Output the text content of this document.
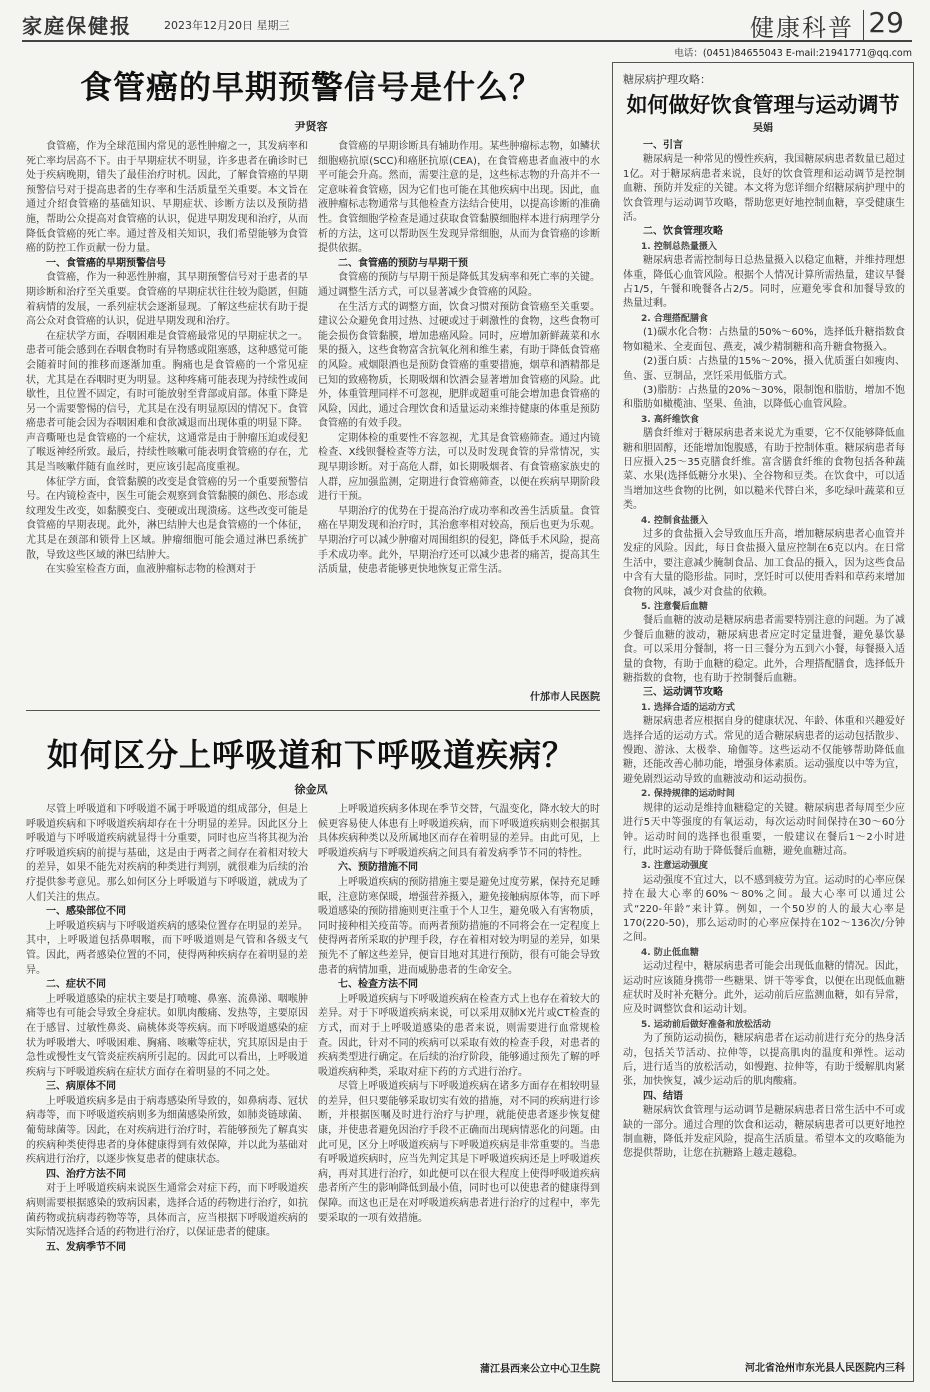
家庭保健报	2023年12月20日 星期三	健康科普 29
电话：(0451)84655043 E-mail:21941771@qq.com
食管癌的早期预警信号是什么？
尹贤容

食管癌，作为全球范围内常见的恶性肿瘤之一，其发病率和死亡率均居高不下。由于早期症状不明显，许多患者在确诊时已处于疾病晚期，错失了最佳治疗时机。因此，了解食管癌的早期预警信号对于提高患者的生存率和生活质量至关重要。本文旨在通过介绍食管癌的基础知识、早期症状、诊断方法以及预防措施，帮助公众提高对食管癌的认识，促进早期发现和治疗，从而降低食管癌的死亡率。通过普及相关知识，我们希望能够为食管癌的防控工作贡献一份力量。

一、食管癌的早期预警信号

食管癌，作为一种恶性肿瘤，其早期预警信号对于患者的早期诊断和治疗至关重要。食管癌的早期症状往往较为隐匿，但随着病情的发展，一系列症状会逐渐显现。了解这些症状有助于提高公众对食管癌的认识，促进早期发现和治疗。

在症状学方面，吞咽困难是食管癌最常见的早期症状之一。患者可能会感到在吞咽食物时有异物感或阻塞感，这种感觉可能会随着时间的推移而逐渐加重。胸痛也是食管癌的一个常见症状，尤其是在吞咽时更为明显。这种疼痛可能表现为持续性或间歇性，且位置不固定，有时可能放射至背部或肩部。体重下降是另一个需要警惕的信号，尤其是在没有明显原因的情况下。食管癌患者可能会因为吞咽困难和食欲减退而出现体重的明显下降。声音嘶哑也是食管癌的一个症状，这通常是由于肿瘤压迫或侵犯了喉返神经所致。最后，持续性咳嗽可能表明食管癌的存在，尤其是当咳嗽伴随有血丝时，更应该引起高度重视。

体征学方面，食管黏膜的改变是食管癌的另一个重要预警信号。在内镜检查中，医生可能会观察到食管黏膜的颜色、形态或纹理发生改变，如黏膜变白、变硬或出现溃疡。这些改变可能是食管癌的早期表现。此外，淋巴结肿大也是食管癌的一个体征，尤其是在颈部和锁骨上区域。肿瘤细胞可能会通过淋巴系统扩散，导致这些区域的淋巴结肿大。

在实验室检查方面，血液肿瘤标志物的检测对于

食管癌的早期诊断具有辅助作用。某些肿瘤标志物，如鳞状细胞癌抗原(SCC)和癌胚抗原(CEA)，在食管癌患者血液中的水平可能会升高。然而，需要注意的是，这些标志物的升高并不一定意味着食管癌，因为它们也可能在其他疾病中出现。因此，血液肿瘤标志物通常与其他检查方法结合使用，以提高诊断的准确性。食管细胞学检查是通过获取食管黏膜细胞样本进行病理学分析的方法，这可以帮助医生发现异常细胞，从而为食管癌的诊断提供依据。

二、食管癌的预防与早期干预

食管癌的预防与早期干预是降低其发病率和死亡率的关键。通过调整生活方式，可以显著减少食管癌的风险。

在生活方式的调整方面，饮食习惯对预防食管癌至关重要。建议公众避免食用过热、过硬或过于刺激性的食物，这些食物可能会损伤食管黏膜，增加患癌风险。同时，应增加新鲜蔬菜和水果的摄入，这些食物富含抗氧化剂和维生素，有助于降低食管癌的风险。戒烟限酒也是预防食管癌的重要措施，烟草和酒精都是已知的致癌物质，长期吸烟和饮酒会显著增加食管癌的风险。此外，体重管理同样不可忽视，肥胖或超重可能会增加患食管癌的风险，因此，通过合理饮食和适量运动来维持健康的体重是预防食管癌的有效手段。

定期体检的重要性不容忽视，尤其是食管癌筛查。通过内镜检查、X线钡餐检查等方法，可以及时发现食管的异常情况，实现早期诊断。对于高危人群，如长期吸烟者、有食管癌家族史的人群，应加强监测，定期进行食管癌筛查，以便在疾病早期阶段进行干预。

早期治疗的优势在于提高治疗成功率和改善生活质量。食管癌在早期发现和治疗时，其治愈率相对较高，预后也更为乐观。早期治疗可以减少肿瘤对周围组织的侵犯，降低手术风险，提高手术成功率。此外，早期治疗还可以减少患者的痛苦，提高其生活质量，使患者能够更快地恢复正常生活。

什邡市人民医院
如何区分上呼吸道和下呼吸道疾病？
徐金凤

尽管上呼吸道和下呼吸道不属于呼吸道的组成部分，但是上呼吸道疾病和下呼吸道疾病却存在十分明显的差异。因此区分上呼吸道与下呼吸道疾病就显得十分重要，同时也应当将其视为治疗呼吸道疾病的前提与基础，这是由于两者之间存在着相对较大的差异，如果不能先对疾病的种类进行判别，就很难为后续的治疗提供参考意见。那么如何区分上呼吸道与下呼吸道，就成为了人们关注的焦点。

一、感染部位不同

上呼吸道疾病与下呼吸道疾病的感染位置存在明显的差异。其中，上呼吸道包括鼻咽喉，而下呼吸道则是气管和各级支气管。因此，两者感染位置的不同，使得两种疾病存在着明显的差异。

二、症状不同

上呼吸道感染的症状主要是打喷嚏、鼻塞、流鼻涕、咽喉肿痛等也有可能会导致全身症状。如肌肉酸痛、发热等，主要原因在于感冒、过敏性鼻炎、扁桃体炎等疾病。而下呼吸道感染的症状为呼吸增大、呼吸困难、胸痛、咳嗽等症状，究其原因是由于急性或慢性支气管炎症疾病所引起的。因此可以看出，上呼吸道疾病与下呼吸道疾病在症状方面存在着明显的不同之处。

三、病原体不同

上呼吸道疾病多是由于病毒感染所导致的，如鼻病毒、冠状病毒等，而下呼吸道疾病则多为细菌感染所致，如肺炎链球菌、葡萄球菌等。因此，在对疾病进行治疗时，若能够预先了解真实的疾病种类使得患者的身体健康得到有效保障，并以此为基础对疾病进行治疗，以逐步恢复患者的健康状态。

四、治疗方法不同

对于上呼吸道疾病来说医生通常会对症下药，而下呼吸道疾病则需要根据感染的致病因素，选择合适的药物进行治疗，如抗菌药物或抗病毒药物等等，具体而言，应当根据下呼吸道疾病的实际情况选择合适的药物进行治疗，以保证患者的健康。

五、发病季节不同

上呼吸道疾病多体现在季节交替，气温变化，降水较大的时候更容易使人体患有上呼吸道疾病，而下呼吸道疾病则会根据其具体疾病种类以及所属地区而存在着明显的差异。由此可见，上呼吸道疾病与下呼吸道疾病之间具有着发病季节不同的特性。

六、预防措施不同

上呼吸道疾病的预防措施主要是避免过度劳累，保持充足睡眠，注意防寒保暖，增强营养摄入，避免接触病原体等，而下呼吸道感染的预防措施则更注重于个人卫生，避免吸入有害物质，同时接种相关疫苗等。而两者预防措施的不同将会在一定程度上使得两者所采取的护理手段，存在着相对较为明显的差异，如果预先不了解这些差异，便盲目地对其进行预防，很有可能会导致患者的病情加重，进而威胁患者的生命安全。

七、检查方法不同

上呼吸道疾病与下呼吸道疾病在检查方式上也存在着较大的差异。对于下呼吸道疾病来说，可以采用双肺X光片或CT检查的方式，而对于上呼吸道感染的患者来说，则需要进行血常规检查。因此，针对不同的疾病可以采取有效的检查手段，对患者的疾病类型进行确定。在后续的治疗阶段，能够通过预先了解的呼吸道疾病种类，采取对症下药的方式进行治疗。

尽管上呼吸道疾病与下呼吸道疾病在诸多方面存在相较明显的差异，但只要能够采取切实有效的措施，对不同的疾病进行诊断，并根据医嘱及时进行治疗与护理，就能使患者逐步恢复健康，并使患者避免因治疗手段不正确而出现病情恶化的问题。由此可见，区分上呼吸道疾病与下呼吸道疾病是非常重要的。当患有呼吸道疾病时，应当先判定其是下呼吸道疾病还是上呼吸道疾病，再对其进行治疗，如此便可以在很大程度上使得呼吸道疾病患者所产生的影响降低到最小值，同时也可以使患者的健康得到保障。而这也正是在对呼吸道疾病患者进行治疗的过程中，率先要采取的一项有效措施。

蒲江县西来公立中心卫生院
糖尿病护理攻略：
如何做好饮食管理与运动调节
吴娟
一、引言

糖尿病是一种常见的慢性疾病，我国糖尿病患者数量已超过1亿。对于糖尿病患者来说，良好的饮食管理和运动调节是控制血糖、预防并发症的关键。本文将为您详细介绍糖尿病护理中的饮食管理与运动调节攻略，帮助您更好地控制血糖，享受健康生活。

二、饮食管理攻略
1. 控制总热量摄入

糖尿病患者需控制每日总热量摄入以稳定血糖，并维持理想体重，降低心血管风险。根据个人情况计算所需热量，建议早餐占1/5，午餐和晚餐各占2/5。同时，应避免零食和加餐导致的热量过剩。

2. 合理搭配膳食

(1)碳水化合物：占热量的50%～60%，选择低升糖指数食物如糙米、全麦面包、燕麦，减少精制糖和高升糖食物摄入。

(2)蛋白质：占热量的15%～20%，摄入优质蛋白如瘦肉、鱼、蛋、豆制品，烹饪采用低脂方式。

(3)脂肪：占热量的20%～30%，限制饱和脂肪，增加不饱和脂肪如橄榄油、坚果、鱼油，以降低心血管风险。

3. 高纤维饮食

膳食纤维对于糖尿病患者来说尤为重要，它不仅能够降低血糖和胆固醇，还能增加饱腹感，有助于控制体重。糖尿病患者每日应摄入25～35克膳食纤维。富含膳食纤维的食物包括各种蔬菜、水果(选择低糖分水果)、全谷物和豆类。在饮食中，可以适当增加这些食物的比例，如以糙米代替白米，多吃绿叶蔬菜和豆类。

4. 控制食盐摄入

过多的食盐摄入会导致血压升高，增加糖尿病患者心血管并发症的风险。因此，每日食盐摄入量应控制在6克以内。在日常生活中，要注意减少腌制食品、加工食品的摄入，因为这些食品中含有大量的隐形盐。同时，烹饪时可以使用香料和草药来增加食物的风味，减少对食盐的依赖。

5. 注意餐后血糖

餐后血糖的波动是糖尿病患者需要特别注意的问题。为了减少餐后血糖的波动，糖尿病患者应定时定量进餐，避免暴饮暴食。可以采用分餐制，将一日三餐分为五到六小餐，每餐摄入适量的食物，有助于血糖的稳定。此外，合理搭配膳食，选择低升糖指数的食物，也有助于控制餐后血糖。

三、运动调节攻略
1. 选择合适的运动方式

糖尿病患者应根据自身的健康状况、年龄、体重和兴趣爱好选择合适的运动方式。常见的适合糖尿病患者的运动包括散步、慢跑、游泳、太极拳、瑜伽等。这些运动不仅能够帮助降低血糖，还能改善心肺功能，增强身体素质。运动强度以中等为宜，避免剧烈运动导致的血糖波动和运动损伤。

2. 保持规律的运动时间

规律的运动是维持血糖稳定的关键。糖尿病患者每周至少应进行5天中等强度的有氧运动，每次运动时间保持在30～60分钟。运动时间的选择也很重要，一般建议在餐后1～2小时进行，此时运动有助于降低餐后血糖，避免血糖过高。

3. 注意运动强度

运动强度不宜过大，以不感到疲劳为宜。运动时的心率应保持在最大心率的60%～80%之间。最大心率可以通过公式“220-年龄”来计算。例如，一个50岁的人的最大心率是170(220-50)，那么运动时的心率应保持在102～136次/分钟之间。

4. 防止低血糖

运动过程中，糖尿病患者可能会出现低血糖的情况。因此，运动时应该随身携带一些糖果、饼干等零食，以便在出现低血糖症状时及时补充糖分。此外，运动前后应监测血糖，如有异常，应及时调整饮食和运动计划。

5. 运动前后做好准备和放松活动

为了预防运动损伤，糖尿病患者在运动前进行充分的热身活动，包括关节活动、拉伸等，以提高肌肉的温度和弹性。运动后，进行适当的放松活动，如慢跑、拉伸等，有助于缓解肌肉紧张，加快恢复，减少运动后的肌肉酸痛。

四、结语

糖尿病饮食管理与运动调节是糖尿病患者日常生活中不可或缺的一部分。通过合理的饮食和运动，糖尿病患者可以更好地控制血糖，降低并发症风险，提高生活质量。希望本文的攻略能为您提供帮助，让您在抗糖路上越走越稳。

河北省沧州市东光县人民医院内三科
